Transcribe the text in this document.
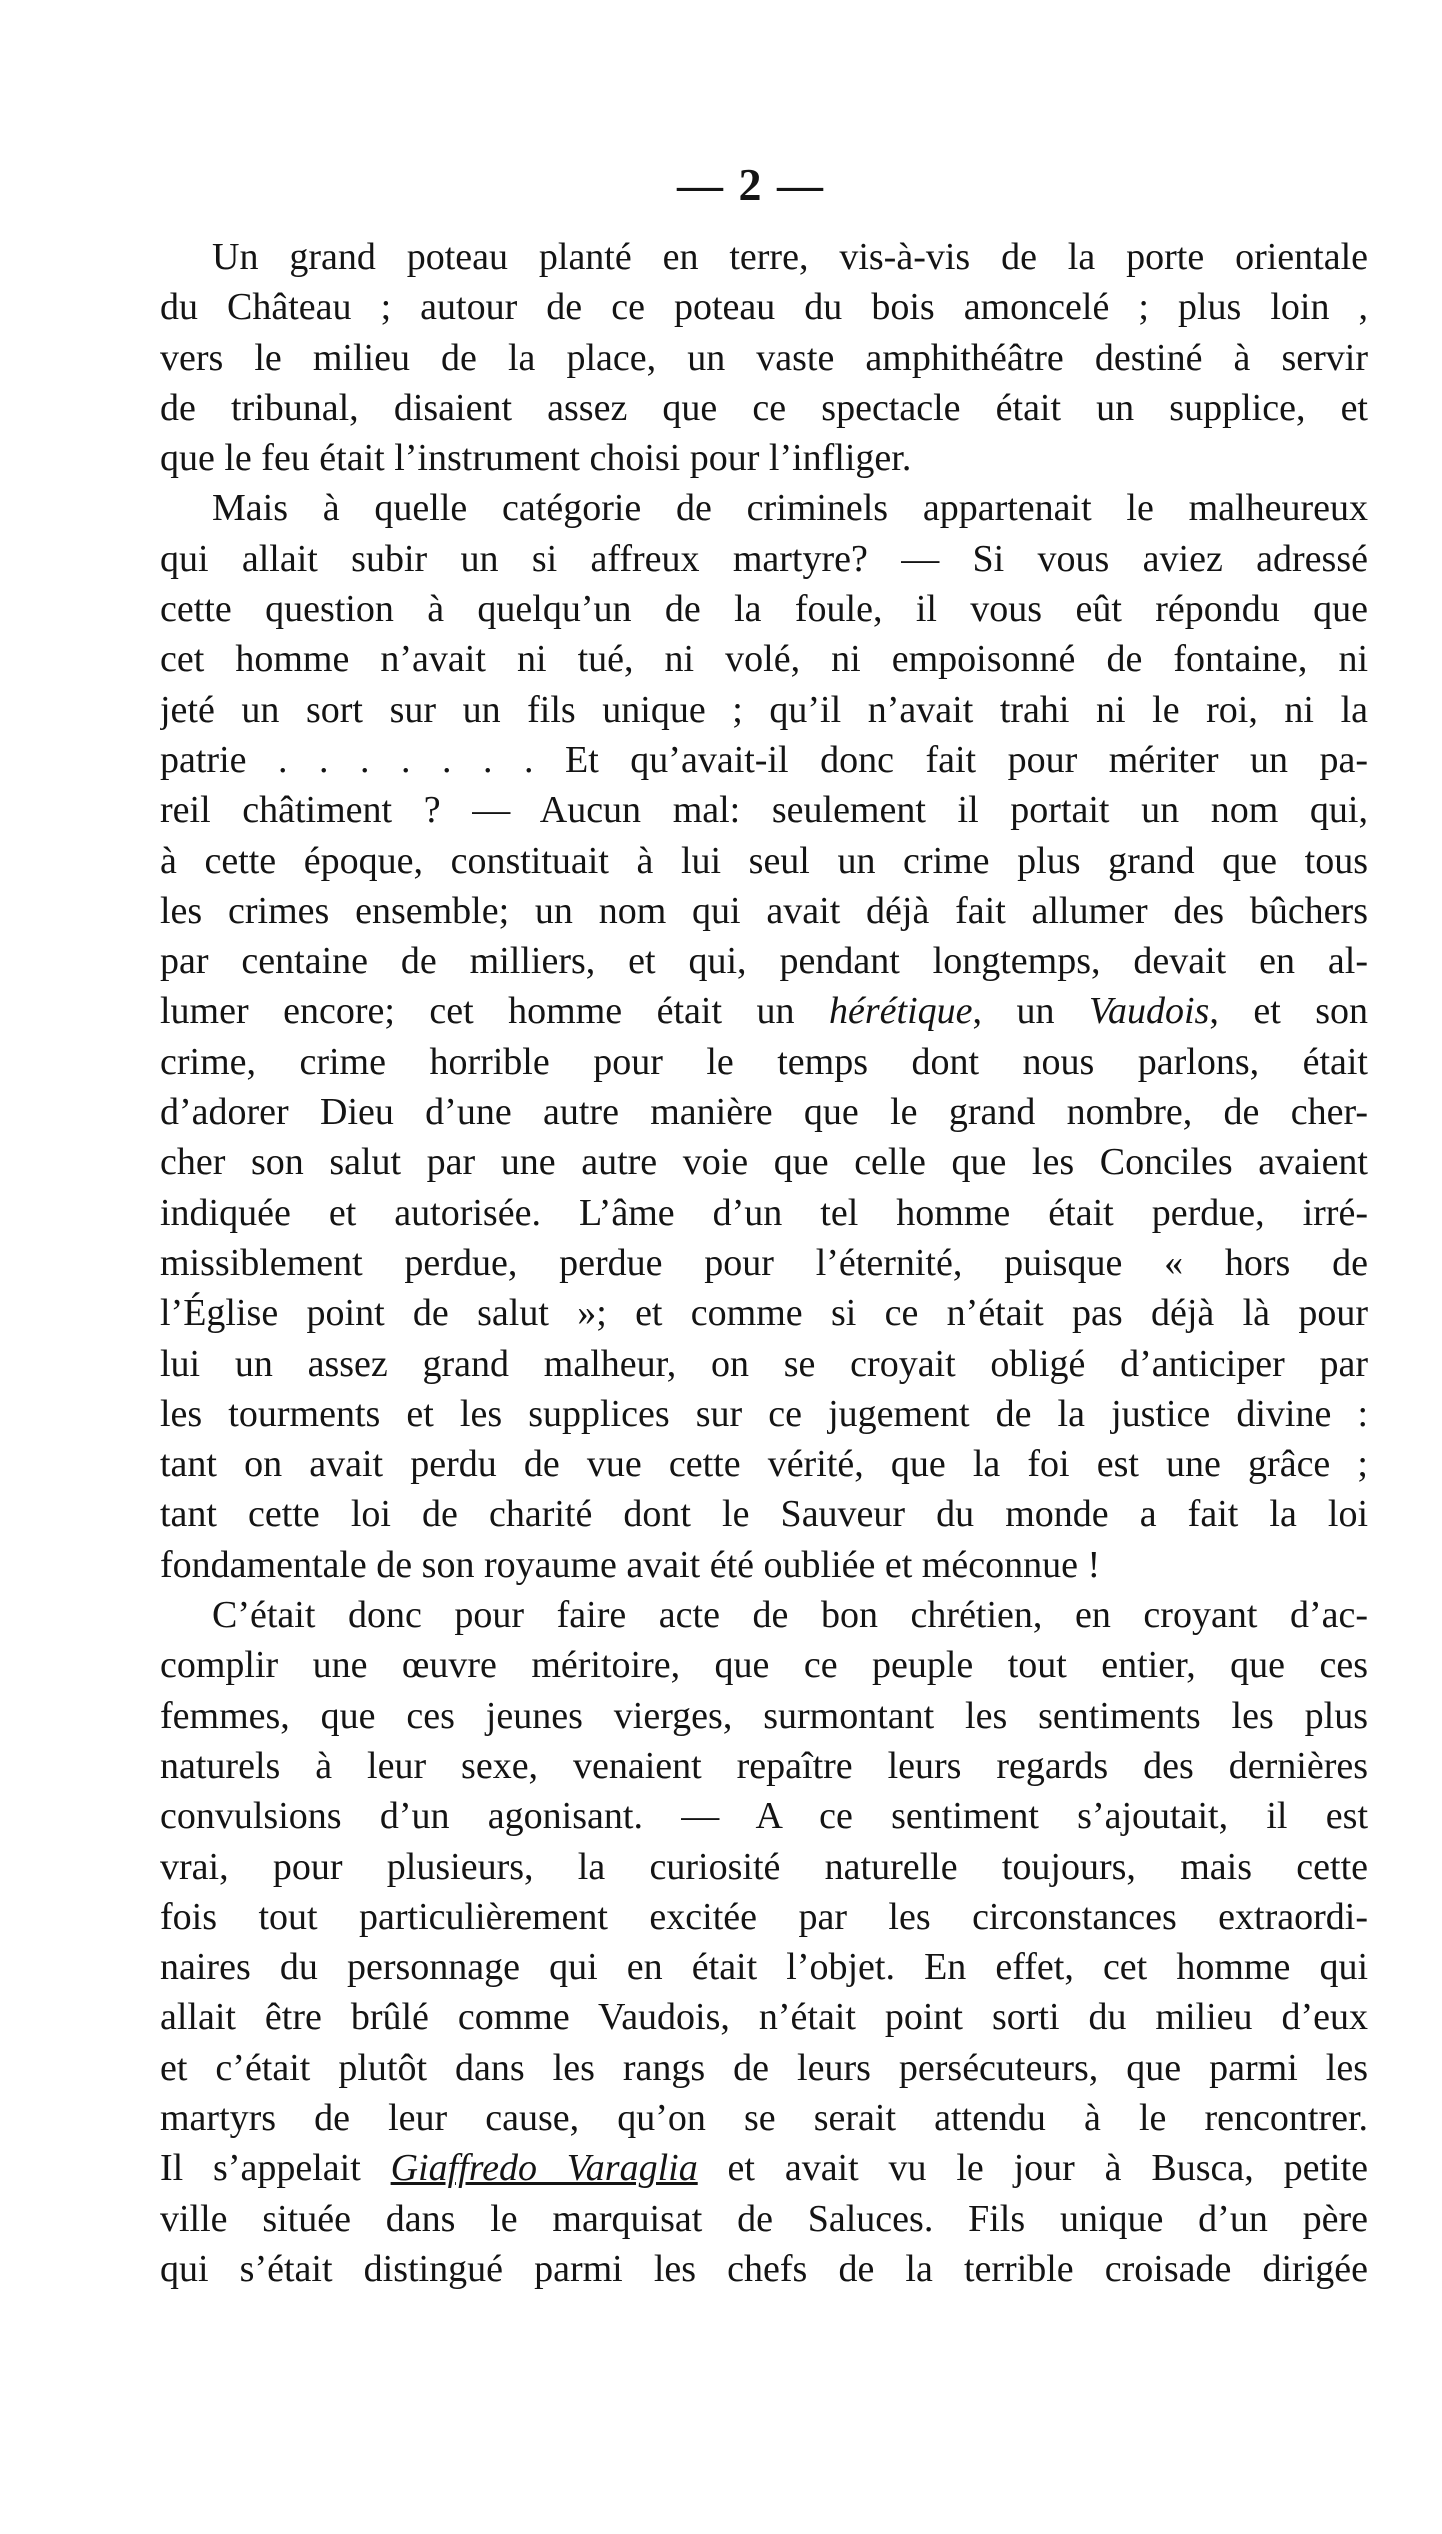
— 2 —
Un grand poteau planté en terre, vis-à-vis de la porte orientale
du Château ; autour de ce poteau du bois amoncelé ; plus loin ,
vers le milieu de la place, un vaste amphithéâtre destiné à servir
de tribunal, disaient assez que ce spectacle était un supplice, et
que le feu était l’instrument choisi pour l’infliger.
Mais à quelle catégorie de criminels appartenait le malheureux
qui allait subir un si affreux martyre? — Si vous aviez adressé
cette question à quelqu’un de la foule, il vous eût répondu que
cet homme n’avait ni tué, ni volé, ni empoisonné de fontaine, ni
jeté un sort sur un fils unique ; qu’il n’avait trahi ni le roi, ni la
patrie . . . . . . . Et qu’avait-il donc fait pour mériter un pa-
reil châtiment ? — Aucun mal: seulement il portait un nom qui,
à cette époque, constituait à lui seul un crime plus grand que tous
les crimes ensemble; un nom qui avait déjà fait allumer des bûchers
par centaine de milliers, et qui, pendant longtemps, devait en al-
lumer encore; cet homme était un hérétique, un Vaudois, et son
crime, crime horrible pour le temps dont nous parlons, était
d’adorer Dieu d’une autre manière que le grand nombre, de cher-
cher son salut par une autre voie que celle que les Conciles avaient
indiquée et autorisée. L’âme d’un tel homme était perdue, irré-
missiblement perdue, perdue pour l’éternité, puisque « hors de
l’Église point de salut »; et comme si ce n’était pas déjà là pour
lui un assez grand malheur, on se croyait obligé d’anticiper par
les tourments et les supplices sur ce jugement de la justice divine :
tant on avait perdu de vue cette vérité, que la foi est une grâce ;
tant cette loi de charité dont le Sauveur du monde a fait la loi
fondamentale de son royaume avait été oubliée et méconnue !
C’était donc pour faire acte de bon chrétien, en croyant d’ac-
complir une œuvre méritoire, que ce peuple tout entier, que ces
femmes, que ces jeunes vierges, surmontant les sentiments les plus
naturels à leur sexe, venaient repaître leurs regards des dernières
convulsions d’un agonisant. — A ce sentiment s’ajoutait, il est
vrai, pour plusieurs, la curiosité naturelle toujours, mais cette
fois tout particulièrement excitée par les circonstances extraordi-
naires du personnage qui en était l’objet. En effet, cet homme qui
allait être brûlé comme Vaudois, n’était point sorti du milieu d’eux
et c’était plutôt dans les rangs de leurs persécuteurs, que parmi les
martyrs de leur cause, qu’on se serait attendu à le rencontrer.
Il s’appelait Giaffredo Varaglia et avait vu le jour à Busca, petite
ville située dans le marquisat de Saluces. Fils unique d’un père
qui s’était distingué parmi les chefs de la terrible croisade dirigée
